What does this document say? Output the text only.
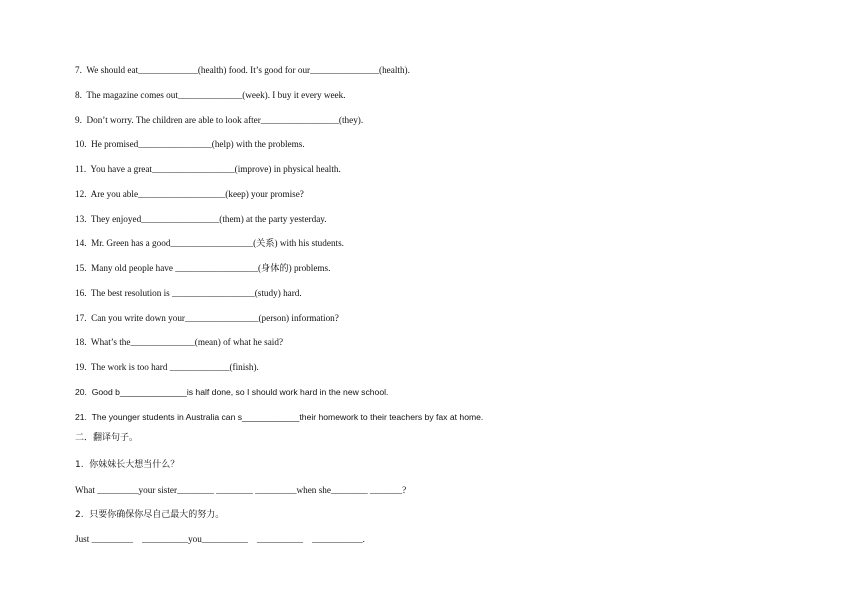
7.  We should eat_____________(health) food. It’s good for our_______________(health).
8.  The magazine comes out______________(week). I buy it every week.
9.  Don’t worry. The children are able to look after_________________(they).
10.  He promised________________(help) with the problems.
11.  You have a great__________________(improve) in physical health.
12.  Are you able___________________(keep) your promise?
13.  They enjoyed_________________(them) at the party yesterday.
14.  Mr. Green has a good__________________(关系) with his students.
15.  Many old people have __________________(身体的) problems.
16.  The best resolution is __________________(study) hard.
17.  Can you write down your________________(person) information?
18.  What’s the______________(mean) of what he said?
19.  The work is too hard _____________(finish).
20.  Good b______________is half done, so I should work hard in the new school.
21.  The younger students in Australia can s____________their homework to their teachers by fax at home.
二．翻译句子。
1.  你妹妹长大想当什么？
What _________your sister________ ________ _________when she________ _______?
2.  只要你确保你尽自己最大的努力。
Just _________    __________you__________    __________    ___________.
